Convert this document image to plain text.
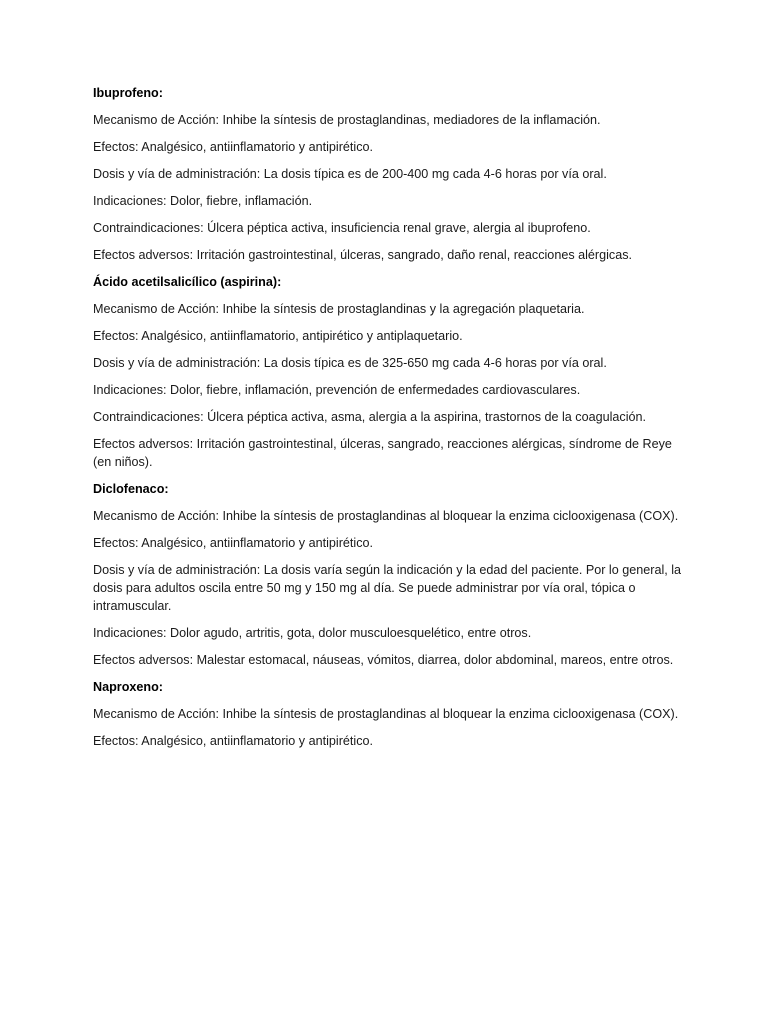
Ibuprofeno:

Mecanismo de Acción: Inhibe la síntesis de prostaglandinas, mediadores de la inflamación.

Efectos: Analgésico, antiinflamatorio y antipirético.

Dosis y vía de administración: La dosis típica es de 200-400 mg cada 4-6 horas por vía oral.

Indicaciones: Dolor, fiebre, inflamación.

Contraindicaciones: Úlcera péptica activa, insuficiencia renal grave, alergia al ibuprofeno.

Efectos adversos: Irritación gastrointestinal, úlceras, sangrado, daño renal, reacciones alérgicas.

Ácido acetilsalicílico (aspirina):

Mecanismo de Acción: Inhibe la síntesis de prostaglandinas y la agregación plaquetaria.

Efectos: Analgésico, antiinflamatorio, antipirético y antiplaquetario.

Dosis y vía de administración: La dosis típica es de 325-650 mg cada 4-6 horas por vía oral.

Indicaciones: Dolor, fiebre, inflamación, prevención de enfermedades cardiovasculares.

Contraindicaciones: Úlcera péptica activa, asma, alergia a la aspirina, trastornos de la coagulación.

Efectos adversos: Irritación gastrointestinal, úlceras, sangrado, reacciones alérgicas, síndrome de Reye (en niños).

Diclofenaco:

Mecanismo de Acción: Inhibe la síntesis de prostaglandinas al bloquear la enzima ciclooxigenasa (COX).

Efectos: Analgésico, antiinflamatorio y antipirético.

Dosis y vía de administración: La dosis varía según la indicación y la edad del paciente. Por lo general, la dosis para adultos oscila entre 50 mg y 150 mg al día. Se puede administrar por vía oral, tópica o intramuscular.

Indicaciones: Dolor agudo, artritis, gota, dolor musculoesquelético, entre otros.

Efectos adversos: Malestar estomacal, náuseas, vómitos, diarrea, dolor abdominal, mareos, entre otros.

Naproxeno:

Mecanismo de Acción: Inhibe la síntesis de prostaglandinas al bloquear la enzima ciclooxigenasa (COX).

Efectos: Analgésico, antiinflamatorio y antipirético.
